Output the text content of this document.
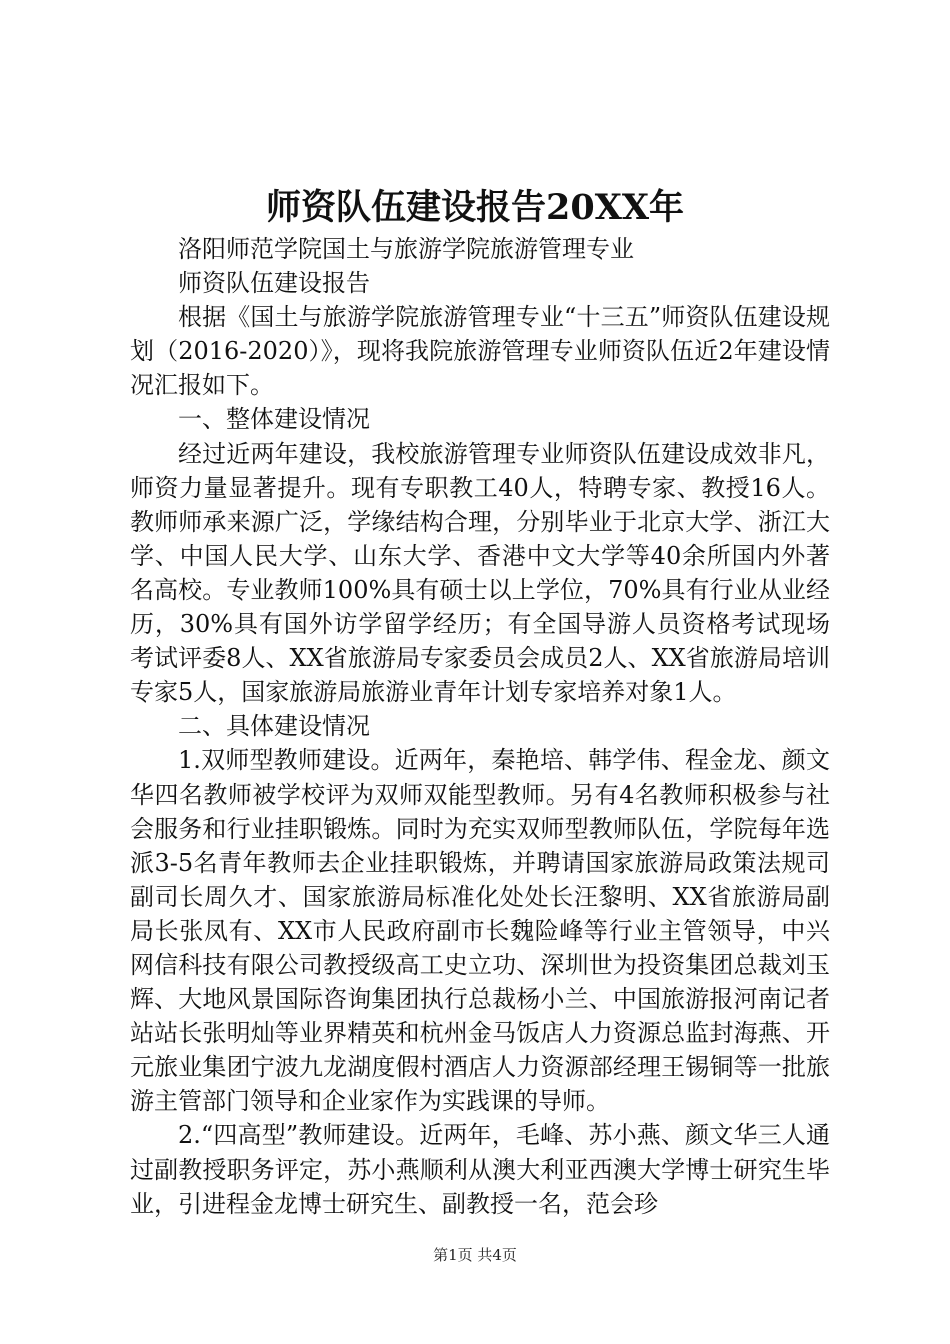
师资队伍建设报告20XX年

洛阳师范学院国土与旅游学院旅游管理专业

师资队伍建设报告

根据《国土与旅游学院旅游管理专业“十三五”师资队伍建设规划（2016-2020）》，现将我院旅游管理专业师资队伍近2年建设情况汇报如下。

一、整体建设情况

经过近两年建设，我校旅游管理专业师资队伍建设成效非凡，师资力量显著提升。现有专职教工40人，特聘专家、教授16人。教师师承来源广泛，学缘结构合理，分别毕业于北京大学、浙江大学、中国人民大学、山东大学、香港中文大学等40余所国内外著名高校。专业教师100%具有硕士以上学位，70%具有行业从业经历，30%具有国外访学留学经历；有全国导游人员资格考试现场考试评委8人、XX省旅游局专家委员会成员2人、XX省旅游局培训专家5人，国家旅游局旅游业青年计划专家培养对象1人。

二、具体建设情况

1.双师型教师建设。近两年，秦艳培、韩学伟、程金龙、颜文华四名教师被学校评为双师双能型教师。另有4名教师积极参与社会服务和行业挂职锻炼。同时为充实双师型教师队伍，学院每年选派3-5名青年教师去企业挂职锻炼，并聘请国家旅游局政策法规司副司长周久才、国家旅游局标准化处处长汪黎明、XX省旅游局副局长张凤有、XX市人民政府副市长魏险峰等行业主管领导，中兴网信科技有限公司教授级高工史立功、深圳世为投资集团总裁刘玉辉、大地风景国际咨询集团执行总裁杨小兰、中国旅游报河南记者站站长张明灿等业界精英和杭州金马饭店人力资源总监封海燕、开元旅业集团宁波九龙湖度假村酒店人力资源部经理王锡铜等一批旅游主管部门领导和企业家作为实践课的导师。

2.“四高型”教师建设。近两年，毛峰、苏小燕、颜文华三人通过副教授职务评定，苏小燕顺利从澳大利亚西澳大学博士研究生毕业，引进程金龙博士研究生、副教授一名，范会珍

第1页 共4页
